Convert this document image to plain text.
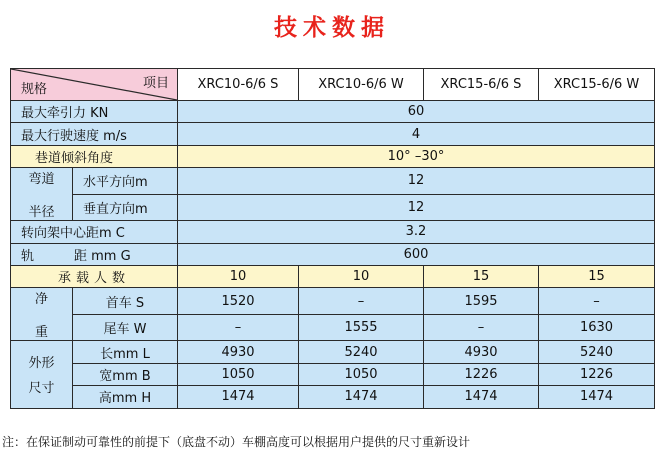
技术数据
项目
规格		XRC10-6/6 S	XRC10-6/6 W	XRC15-6/6 S	XRC15-6/6 W
最大牵引力 KN		60			
最大行驶速度 m/s		4			
巷道倾斜角度		10° –30°			

弯道
半径	水平方向m	12			
	垂直方向m	12			
转向架中心距m C		3.2			
轨 距 mm G		600			
承载人数		10	10	15	15

净
重	首车 S	1520	–	1595	–
	尾车 W	–	1555	–	1630

外形
尺寸	长mm L	4930	5240	4930	5240
	宽mm B	1050	1050	1226	1226
	高mm H	1474	1474	1474	1474
注：在保证制动可靠性的前提下（底盘不动）车棚高度可以根据用户提供的尺寸重新设计
